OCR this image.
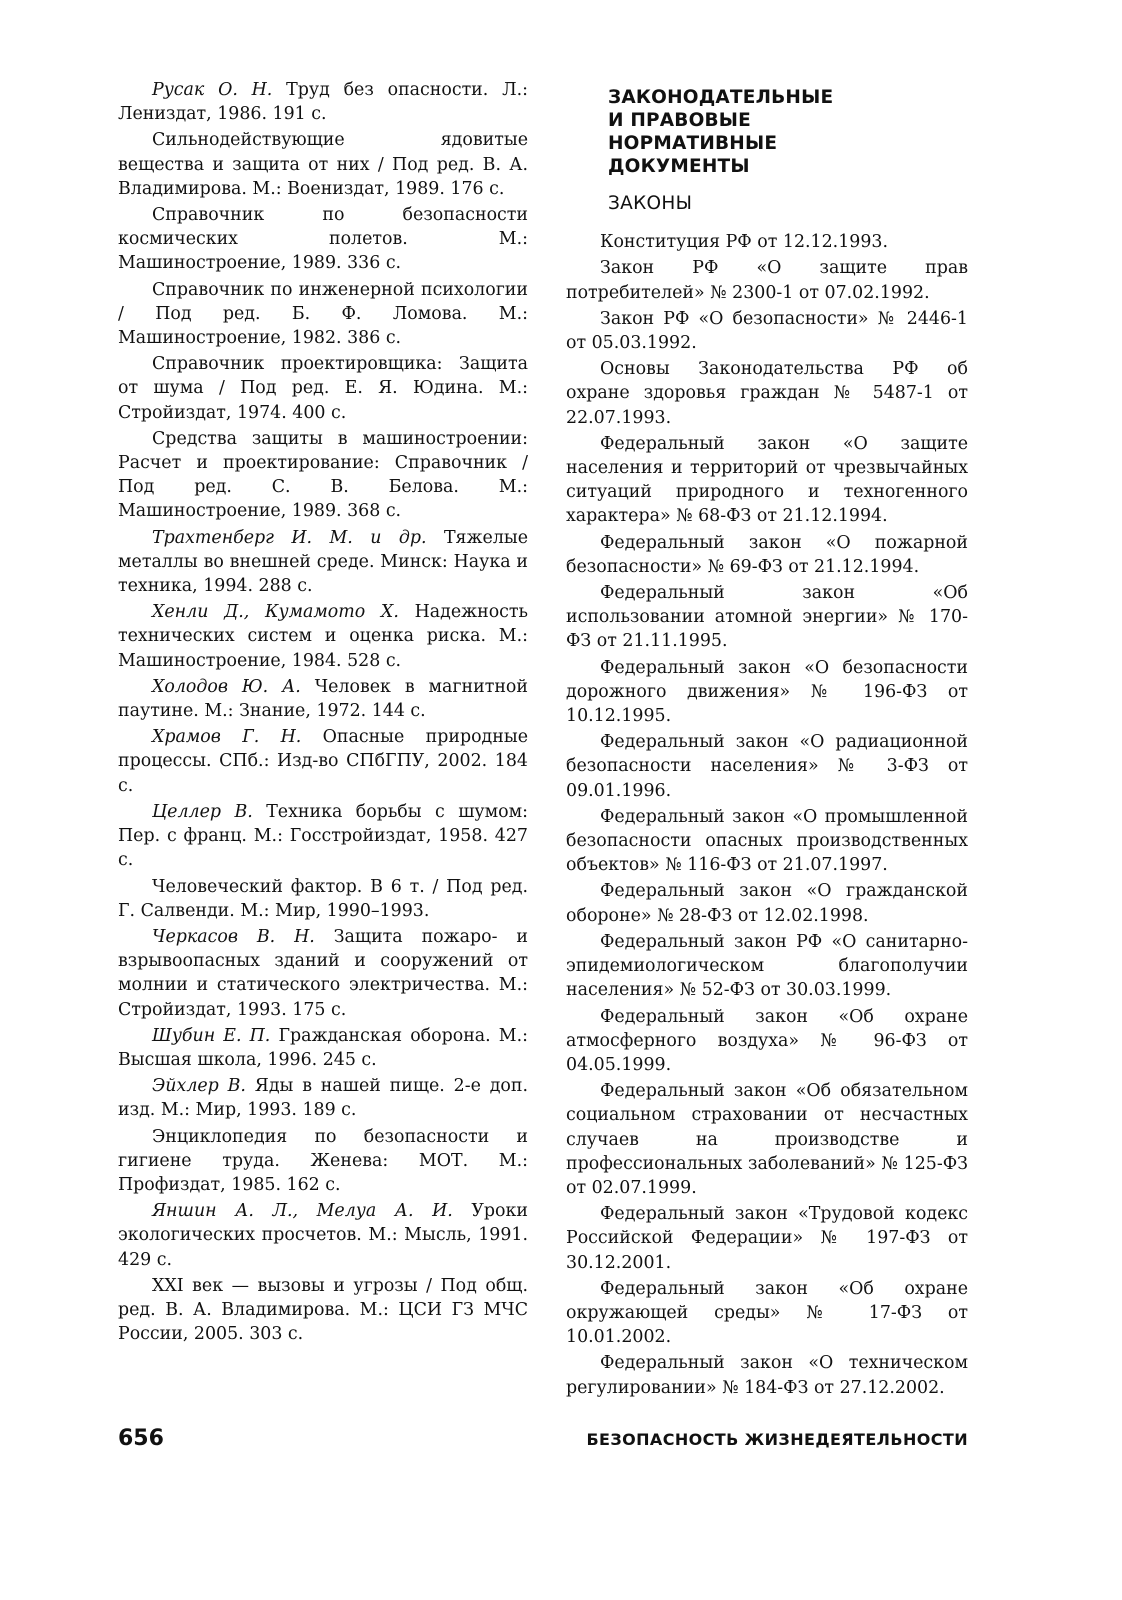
Русак О. Н. Труд без опасности. Л.: Лениздат, 1986. 191 с.

Сильнодействующие ядовитые вещества и защита от них / Под ред. В. А. Владимирова. М.: Воениздат, 1989. 176 с.

Справочник по безопасности космических полетов. М.: Машиностроение, 1989. 336 с.

Справочник по инженерной психологии / Под ред. Б. Ф. Ломова. М.: Машиностроение, 1982. 386 с.

Справочник проектировщика: Защита от шума / Под ред. Е. Я. Юдина. М.: Стройиздат, 1974. 400 с.

Средства защиты в машиностроении: Расчет и проектирование: Справочник / Под ред. С. В. Белова. М.: Машиностроение, 1989. 368 с.

Трахтенберг И. М. и др. Тяжелые металлы во внешней среде. Минск: Наука и техника, 1994. 288 с.

Хенли Д., Кумамото Х. Надежность технических систем и оценка риска. М.: Машиностроение, 1984. 528 с.

Холодов Ю. А. Человек в магнитной паутине. М.: Знание, 1972. 144 с.

Храмов Г. Н. Опасные природные процессы. СПб.: Изд-во СПбГПУ, 2002. 184 с.

Целлер В. Техника борьбы с шумом: Пер. с франц. М.: Госстройиздат, 1958. 427 с.

Человеческий фактор. В 6 т. / Под ред. Г. Салвенди. М.: Мир, 1990–1993.

Черкасов В. Н. Защита пожаро- и взрывоопасных зданий и сооружений от молнии и статического электричества. М.: Стройиздат, 1993. 175 с.

Шубин Е. П. Гражданская оборона. М.: Высшая школа, 1996. 245 с.

Эйхлер В. Яды в нашей пище. 2-е доп. изд. М.: Мир, 1993. 189 с.

Энциклопедия по безопасности и гигиене труда. Женева: МОТ. М.: Профиздат, 1985. 162 с.

Яншин А. Л., Мелуа А. И. Уроки экологических просчетов. М.: Мысль, 1991. 429 с.

XXI век — вызовы и угрозы / Под общ. ред. В. А. Владимирова. М.: ЦСИ ГЗ МЧС России, 2005. 303 с.

ЗАКОНОДАТЕЛЬНЫЕ
И ПРАВОВЫЕ
НОРМАТИВНЫЕ
ДОКУМЕНТЫ
ЗАКОНЫ

Конституция РФ от 12.12.1993.

Закон РФ «О защите прав потребителей» № 2300-1 от 07.02.1992.

Закон РФ «О безопасности» № 2446-1 от 05.03.1992.

Основы Законодательства РФ об охране здоровья граждан № 5487-1 от 22.07.1993.

Федеральный закон «О защите населения и территорий от чрезвычайных ситуаций природного и техногенного характера» № 68-ФЗ от 21.12.1994.

Федеральный закон «О пожарной безопасности» № 69-ФЗ от 21.12.1994.

Федеральный закон «Об использовании атомной энергии» № 170-ФЗ от 21.11.1995.

Федеральный закон «О безопасности дорожного движения» № 196-ФЗ от 10.12.1995.

Федеральный закон «О радиационной безопасности населения» № 3-ФЗ от 09.01.1996.

Федеральный закон «О промышленной безопасности опасных производственных объектов» № 116-ФЗ от 21.07.1997.

Федеральный закон «О гражданской обороне» № 28-ФЗ от 12.02.1998.

Федеральный закон РФ «О санитарно-эпидемиологическом благополучии населения» № 52-ФЗ от 30.03.1999.

Федеральный закон «Об охране атмосферного воздуха» № 96-ФЗ от 04.05.1999.

Федеральный закон «Об обязательном социальном страховании от несчастных случаев на производстве и профессиональных заболеваний» № 125-ФЗ от 02.07.1999.

Федеральный закон «Трудовой кодекс Российской Федерации» № 197-ФЗ от 30.12.2001.

Федеральный закон «Об охране окружающей среды» № 17-ФЗ от 10.01.2002.

Федеральный закон «О техническом регулировании» № 184-ФЗ от 27.12.2002.

656	БЕЗОПАСНОСТЬ ЖИЗНЕДЕЯТЕЛЬНОСТИ
